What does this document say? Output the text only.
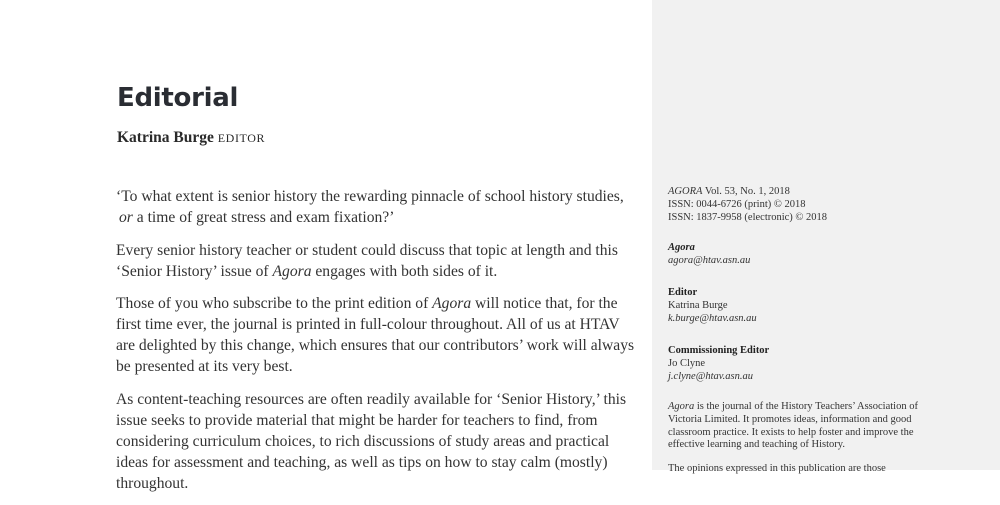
Editorial
Katrina Burge EDITOR

‘To what extent is senior history the rewarding pinnacle of school history studies, or a time of great stress and exam fixation?’

Every senior history teacher or student could discuss that topic at length and this ‘Senior History’ issue of Agora engages with both sides of it.

Those of you who subscribe to the print edition of Agora will notice that, for the first time ever, the journal is printed in full-colour throughout. All of us at HTAV are delighted by this change, which ensures that our contributors’ work will always be presented at its very best.

As content-teaching resources are often readily available for ‘Senior History,’ this issue seeks to provide material that might be harder for teachers to find, from considering curriculum choices, to rich discussions of study areas and practical ideas for assessment and teaching, as well as tips on how to stay calm (mostly) throughout.

AGORA Vol. 53, No. 1, 2018
ISSN: 0044-6726 (print) © 2018
ISSN: 1837-9958 (electronic) © 2018
Agora
agora@htav.asn.au
Editor
Katrina Burge
k.burge@htav.asn.au
Commissioning Editor
Jo Clyne
j.clyne@htav.asn.au
Agora is the journal of the History Teachers’ Association of Victoria Limited. It promotes ideas, information and good classroom practice. It exists to help foster and improve the effective learning and teaching of History.
The opinions expressed in this publication are those
